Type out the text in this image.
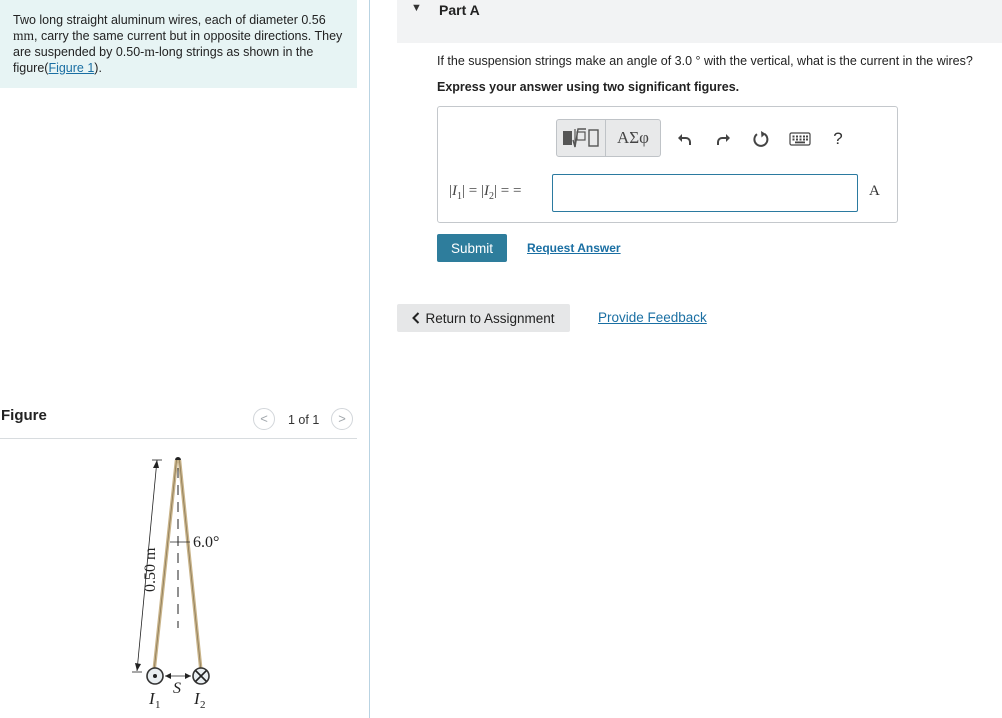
Two long straight aluminum wires, each of diameter 0.56 mm, carry the same current but in opposite directions. They are suspended by 0.50-m-long strings as shown in the figure(Figure 1).
Figure	<	1 of 1	>
6.0°
0.50 m
S
I 1 I 2
▼ Part A
If the suspension strings make an angle of 3.0 ° with the vertical, what is the current in the wires?
Express your answer using two significant figures.
ΑΣφ	?
$|I_1| = |I_2|$ = =	A
Submit	Request Answer
Return to Assignment	Provide Feedback
